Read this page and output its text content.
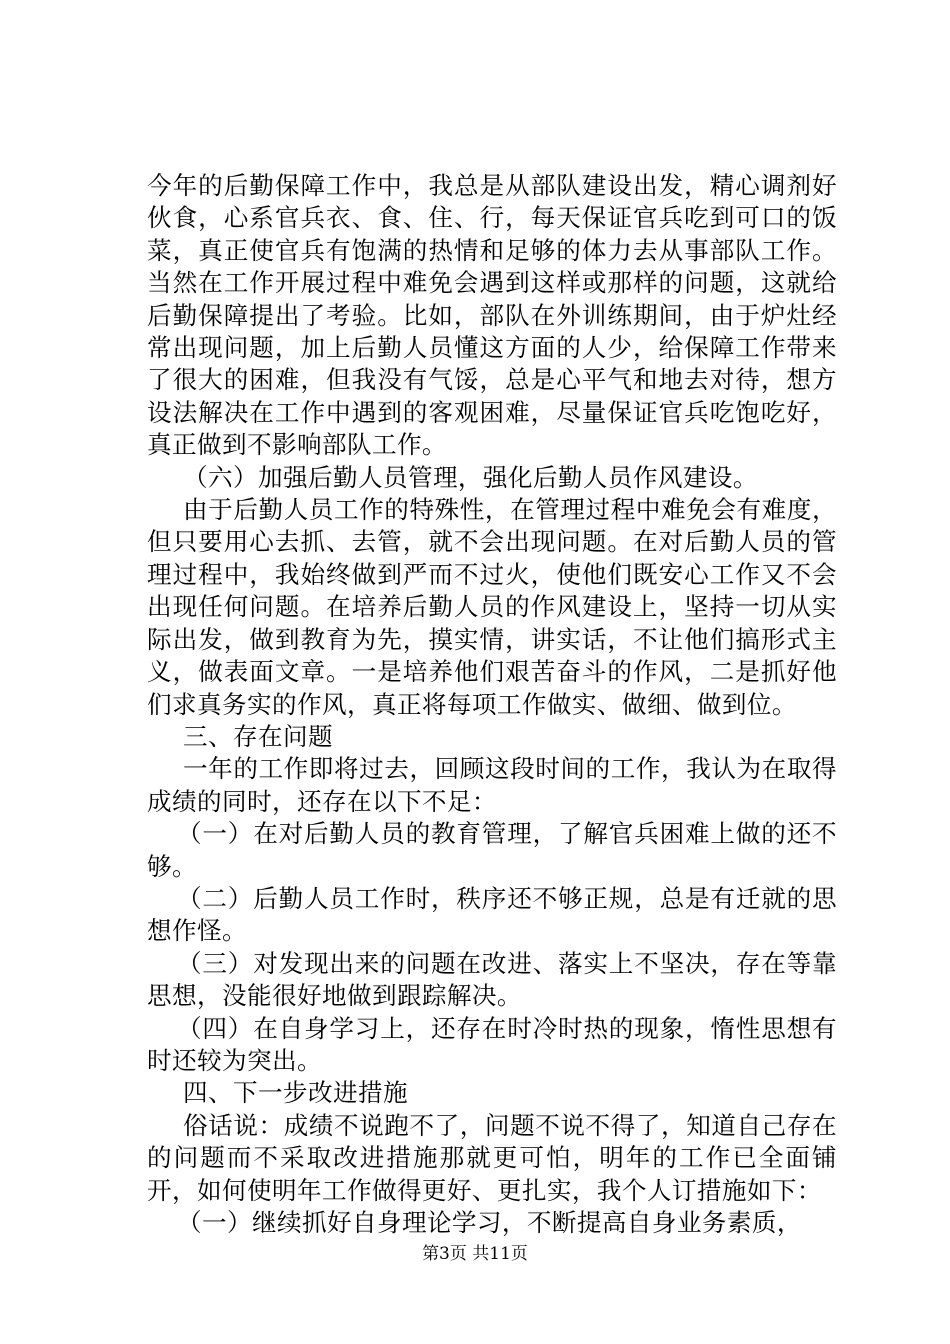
今年的后勤保障工作中，我总是从部队建设出发，精心调剂好伙食，心系官兵衣、食、住、行，每天保证官兵吃到可口的饭菜，真正使官兵有饱满的热情和足够的体力去从事部队工作。当然在工作开展过程中难免会遇到这样或那样的问题，这就给后勤保障提出了考验。比如，部队在外训练期间，由于炉灶经常出现问题，加上后勤人员懂这方面的人少，给保障工作带来了很大的困难，但我没有气馁，总是心平气和地去对待，想方设法解决在工作中遇到的客观困难，尽量保证官兵吃饱吃好，真正做到不影响部队工作。

（六）加强后勤人员管理，强化后勤人员作风建设。

由于后勤人员工作的特殊性，在管理过程中难免会有难度，但只要用心去抓、去管，就不会出现问题。在对后勤人员的管理过程中，我始终做到严而不过火，使他们既安心工作又不会出现任何问题。在培养后勤人员的作风建设上，坚持一切从实际出发，做到教育为先，摸实情，讲实话，不让他们搞形式主义，做表面文章。一是培养他们艰苦奋斗的作风，二是抓好他们求真务实的作风，真正将每项工作做实、做细、做到位。

三、存在问题

一年的工作即将过去，回顾这段时间的工作，我认为在取得成绩的同时，还存在以下不足：

（一）在对后勤人员的教育管理，了解官兵困难上做的还不够。

（二）后勤人员工作时，秩序还不够正规，总是有迁就的思想作怪。

（三）对发现出来的问题在改进、落实上不坚决，存在等靠思想，没能很好地做到跟踪解决。

（四）在自身学习上，还存在时冷时热的现象，惰性思想有时还较为突出。

四、下一步改进措施

俗话说：成绩不说跑不了，问题不说不得了，知道自己存在的问题而不采取改进措施那就更可怕，明年的工作已全面铺开，如何使明年工作做得更好、更扎实，我个人订措施如下：

（一）继续抓好自身理论学习，不断提高自身业务素质，

第3页 共11页
